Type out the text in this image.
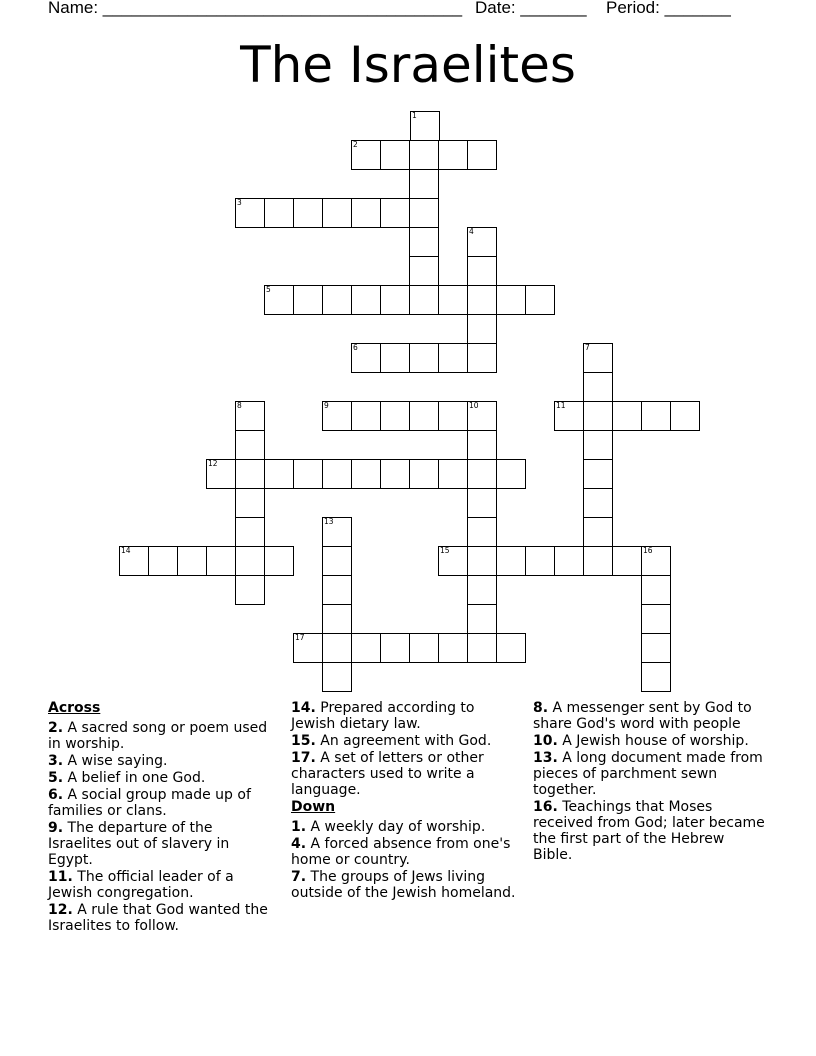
Name: ______________________________________ Date: _______ Period: _______
The Israelites
1
2
3
4
5
6	7
8	9	10	11
12
13
14	15	16
17
Across
2. A sacred song or poem used in worship.
3. A wise saying.
5. A belief in one God.
6. A social group made up of families or clans.
9. The departure of the Israelites out of slavery in Egypt.
11. The official leader of a Jewish congregation.
12. A rule that God wanted the Israelites to follow.
14. Prepared according to Jewish dietary law.
15. An agreement with God.
17. A set of letters or other characters used to write a language.
Down
1. A weekly day of worship.
4. A forced absence from one's home or country.
7. The groups of Jews living outside of the Jewish homeland.
8. A messenger sent by God to share God's word with people
10. A Jewish house of worship.
13. A long document made from pieces of parchment sewn together.
16. Teachings that Moses received from God; later became the first part of the Hebrew Bible.
